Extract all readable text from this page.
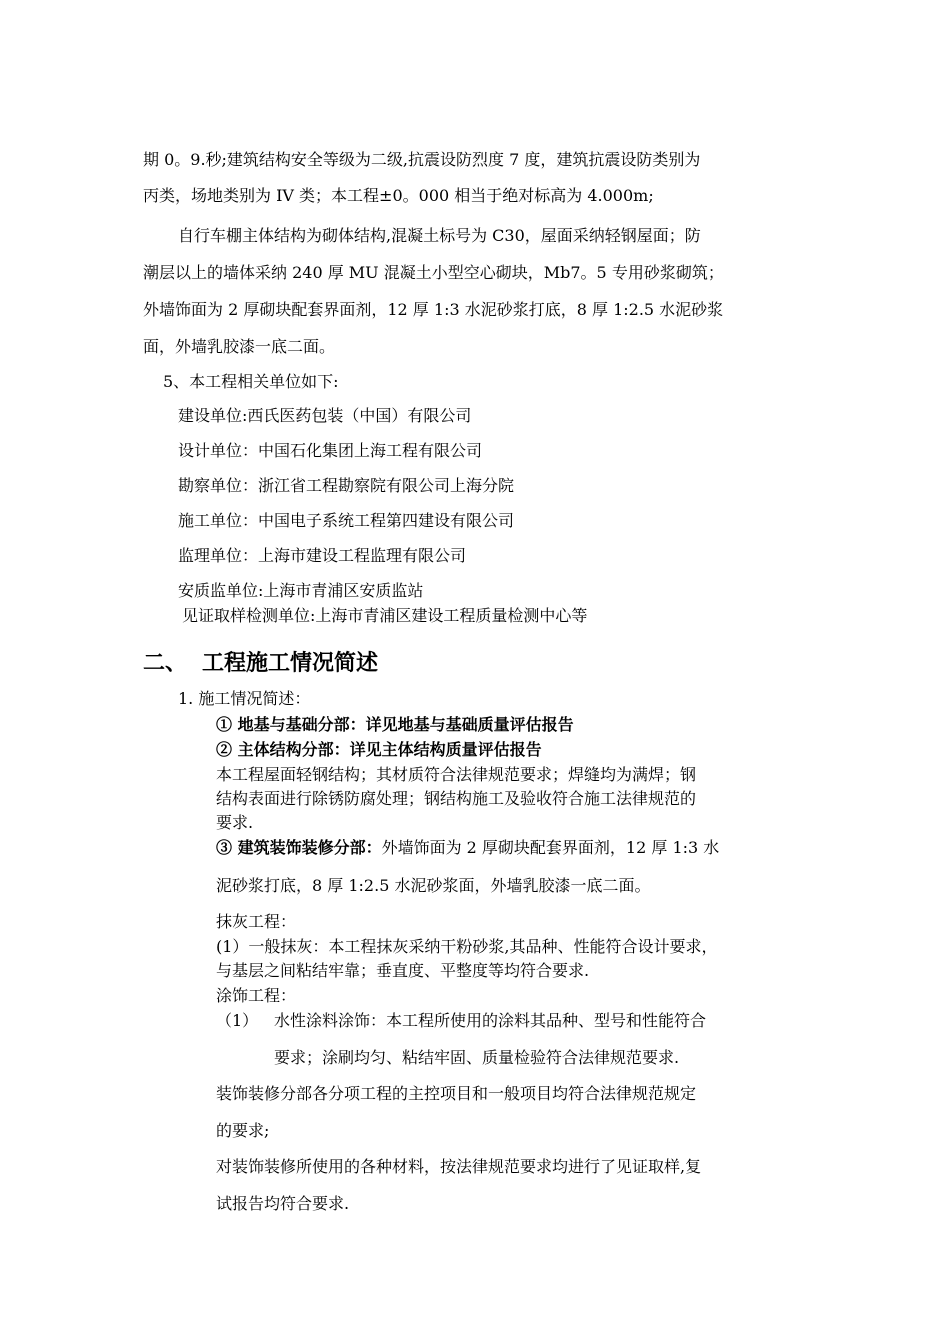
期 0。9.秒;建筑结构安全等级为二级,抗震设防烈度 7 度，建筑抗震设防类别为
丙类，场地类别为 IV 类；本工程±0。000 相当于绝对标高为 4.000m;
自行车棚主体结构为砌体结构,混凝土标号为 C30，屋面采纳轻钢屋面；防
潮层以上的墙体采纳 240 厚 MU 混凝土小型空心砌块，Mb7。5 专用砂浆砌筑；
外墙饰面为 2 厚砌块配套界面剂，12 厚 1:3 水泥砂浆打底，8 厚 1:2.5 水泥砂浆
面，外墙乳胶漆一底二面。
5、本工程相关单位如下:
建设单位:西氏医药包装（中国）有限公司
设计单位：中国石化集团上海工程有限公司
勘察单位：浙江省工程勘察院有限公司上海分院
施工单位：中国电子系统工程第四建设有限公司
监理单位：上海市建设工程监理有限公司
安质监单位:上海市青浦区安质监站
见证取样检测单位:上海市青浦区建设工程质量检测中心等
二、 工程施工情况简述
1. 施工情况简述：
① 地基与基础分部：详见地基与基础质量评估报告
② 主体结构分部：详见主体结构质量评估报告
本工程屋面轻钢结构；其材质符合法律规范要求；焊缝均为满焊；钢
结构表面进行除锈防腐处理；钢结构施工及验收符合施工法律规范的
要求.
③ 建筑装饰装修分部：外墙饰面为 2 厚砌块配套界面剂，12 厚 1:3 水
泥砂浆打底，8 厚 1:2.5 水泥砂浆面，外墙乳胶漆一底二面。
抹灰工程：
(1）一般抹灰：本工程抹灰采纳干粉砂浆,其品种、性能符合设计要求，
与基层之间粘结牢靠；垂直度、平整度等均符合要求.
涂饰工程：
（1） 水性涂料涂饰：本工程所使用的涂料其品种、型号和性能符合
要求；涂刷均匀、粘结牢固、质量检验符合法律规范要求.
装饰装修分部各分项工程的主控项目和一般项目均符合法律规范规定
的要求;
对装饰装修所使用的各种材料，按法律规范要求均进行了见证取样,复
试报告均符合要求.
